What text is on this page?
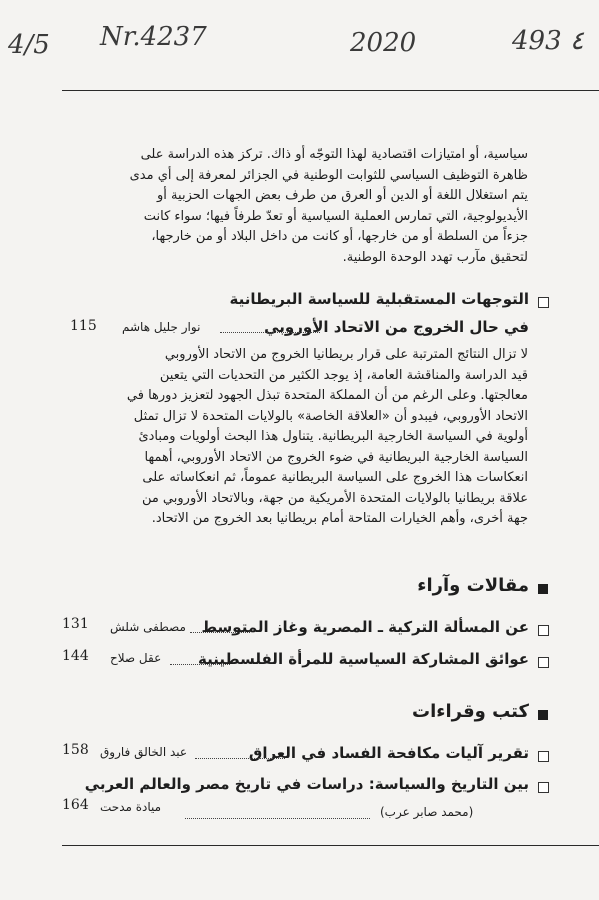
4/5 Nr.4237	2020	493 ٤
سياسية، أو امتيازات اقتصادية لهذا التوجّه أو ذاك. تركز هذه الدراسة على
ظاهرة التوظيف السياسي للثوابت الوطنية في الجزائر لمعرفة إلى أي مدى
يتم استغلال اللغة أو الدين أو العرق من طرف بعض الجهات الحزبية أو
الأيديولوجية، التي تمارس العملية السياسية أو تعدّ طرفاً فيها؛ سواء كانت
جزءاً من السلطة أو من خارجها، أو كانت من داخل البلاد أو من خارجها،
لتحقيق مآرب تهدد الوحدة الوطنية.
التوجهات المستقبلية للسياسة البريطانية
في حال الخروج من الاتحاد الأوروبي
نوار جليل هاشم
115
لا تزال النتائج المترتبة على قرار بريطانيا الخروج من الاتحاد الأوروبي
قيد الدراسة والمناقشة العامة، إذ يوجد الكثير من التحديات التي يتعين
معالجتها. وعلى الرغم من أن المملكة المتحدة تبذل الجهود لتعزيز دورها في
الاتحاد الأوروبي، فيبدو أن «العلاقة الخاصة» بالولايات المتحدة لا تزال تمثل
أولوية في السياسة الخارجية البريطانية. يتناول هذا البحث أولويات ومبادئ
السياسة الخارجية البريطانية في ضوء الخروج من الاتحاد الأوروبي، أهمها
انعكاسات هذا الخروج على السياسة البريطانية عموماً، ثم انعكاساته على
علاقة بريطانيا بالولايات المتحدة الأمريكية من جهة، وبالاتحاد الأوروبي من
جهة أخرى، وأهم الخيارات المتاحة أمام بريطانيا بعد الخروج من الاتحاد.
مقالات وآراء
عن المسألة التركية ـ المصرية وغاز المتوسط
مصطفى شلش
131
عوائق المشاركة السياسية للمرأة الفلسطينية
عقل صلاح
144
كتب وقراءات
تقرير آليات مكافحة الفساد في العراق
عبد الخالق فاروق
158
بين التاريخ والسياسة: دراسات في تاريخ مصر والعالم العربي
(محمد صابر عرب)
ميادة مدحت
164
